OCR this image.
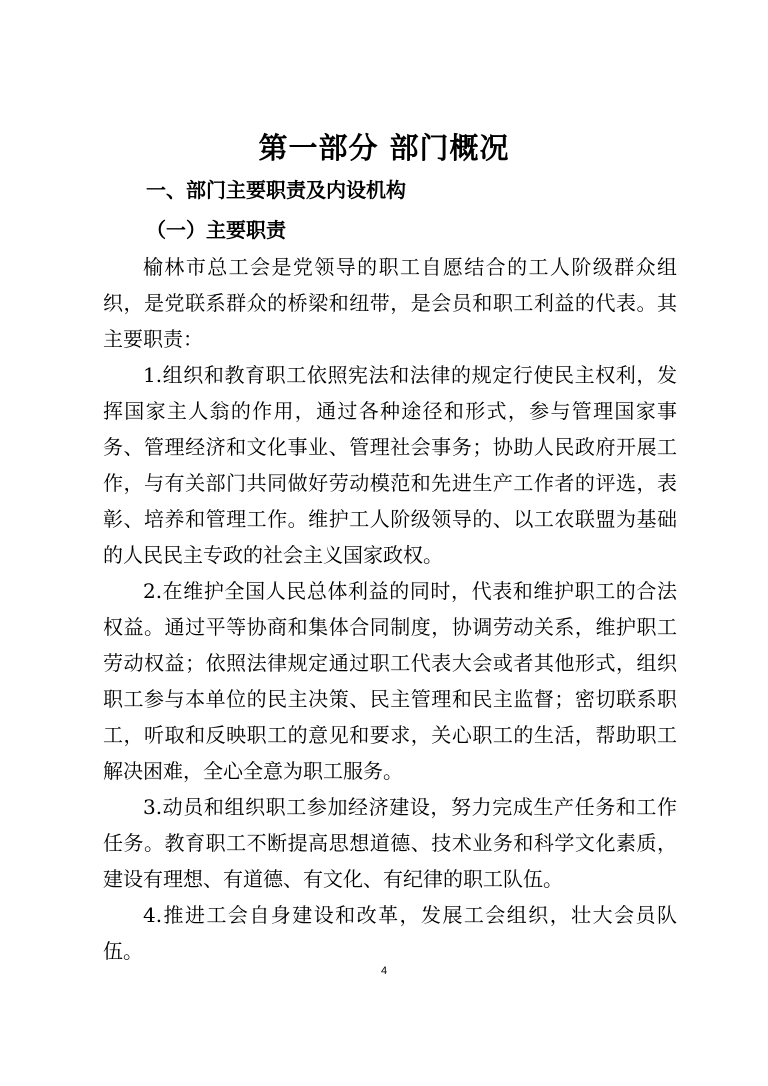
第一部分 部门概况
一、部门主要职责及内设机构
（一）主要职责

榆林市总工会是党领导的职工自愿结合的工人阶级群众组织，是党联系群众的桥梁和纽带，是会员和职工利益的代表。其主要职责：

1.组织和教育职工依照宪法和法律的规定行使民主权利，发挥国家主人翁的作用，通过各种途径和形式，参与管理国家事务、管理经济和文化事业、管理社会事务；协助人民政府开展工作，与有关部门共同做好劳动模范和先进生产工作者的评选，表彰、培养和管理工作。维护工人阶级领导的、以工农联盟为基础的人民民主专政的社会主义国家政权。

2.在维护全国人民总体利益的同时，代表和维护职工的合法权益。通过平等协商和集体合同制度，协调劳动关系，维护职工劳动权益；依照法律规定通过职工代表大会或者其他形式，组织职工参与本单位的民主决策、民主管理和民主监督；密切联系职工，听取和反映职工的意见和要求，关心职工的生活，帮助职工解决困难，全心全意为职工服务。

3.动员和组织职工参加经济建设，努力完成生产任务和工作任务。教育职工不断提高思想道德、技术业务和科学文化素质，建设有理想、有道德、有文化、有纪律的职工队伍。

4.推进工会自身建设和改革，发展工会组织，壮大会员队伍。

4
